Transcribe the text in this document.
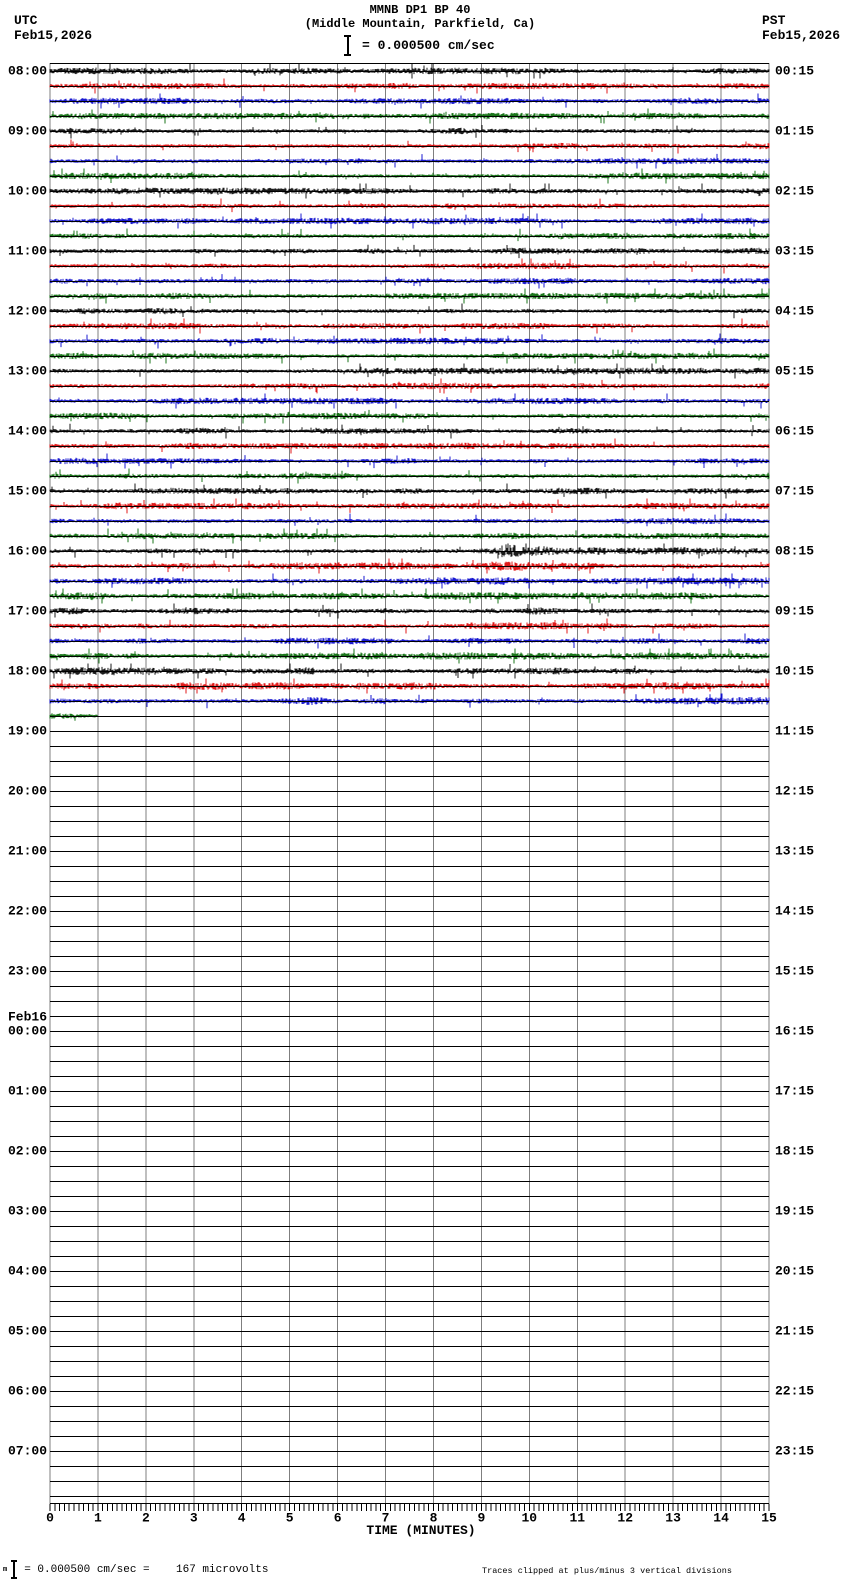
MMNB DP1 BP 40
(Middle Mountain, Parkfield, Ca)
UTC
Feb15,2026
PST
Feb15,2026
= 0.000500 cm/sec
0	1	2	3	4	5	6	7	8	9	10 11 12 13 14 15
08:00	00:15
09:00	01:15
10:00	02:15
11:00	03:15
12:00	04:15
13:00	05:15
14:00	06:15
15:00	07:15
16:00	08:15
17:00	09:15
18:00	10:15
19:00	11:15
20:00	12:15
21:00	13:15
22:00	14:15
23:00	15:15
Feb16
00:00	16:15
01:00	17:15
02:00	18:15
03:00	19:15
04:00	20:15
05:00	21:15
06:00	22:15
07:00	23:15
TIME (MINUTES)
m = 0.000500 cm/sec =    167 microvolts	Traces clipped at plus/minus 3 vertical divisions
